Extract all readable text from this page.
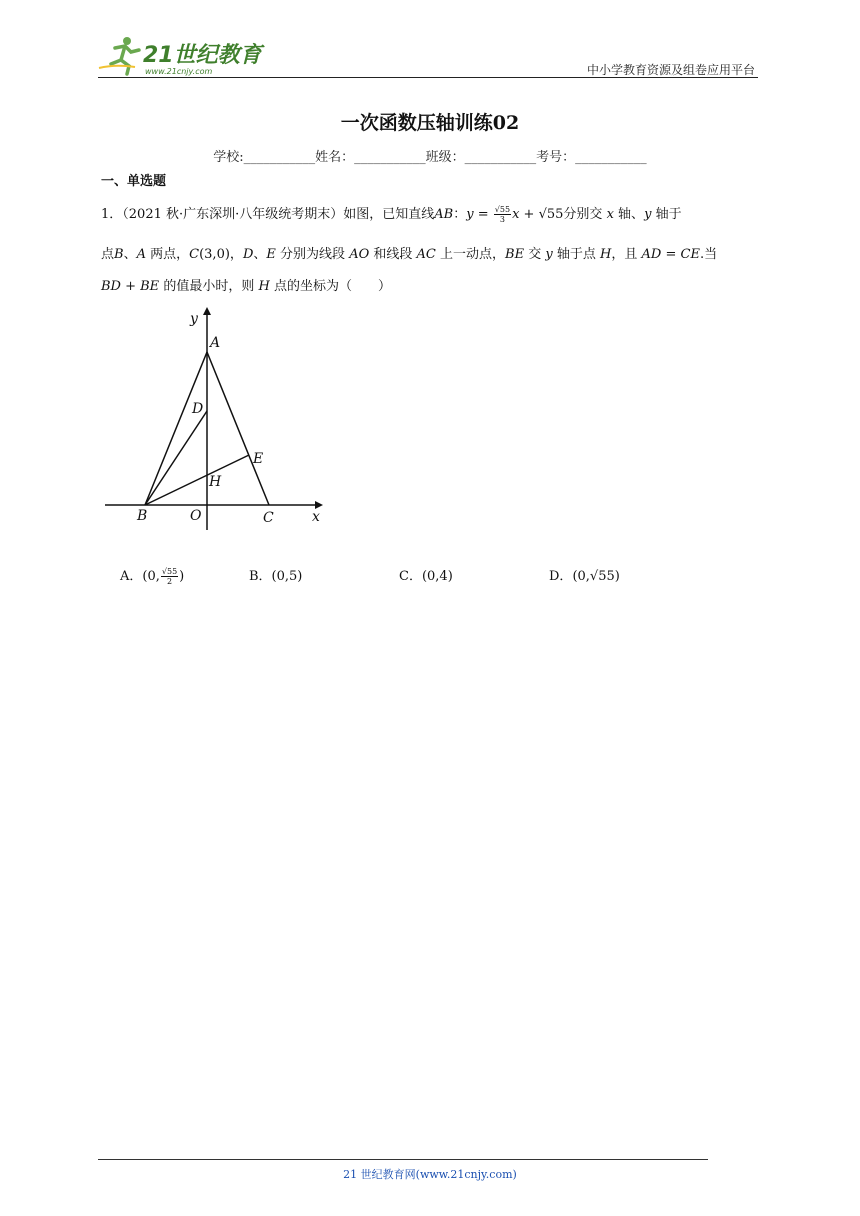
21世纪教育
www.21cnjy.com	中小学教育资源及组卷应用平台
一次函数压轴训练02
学校:___________姓名：___________班级：___________考号：___________
一、单选题
1．（2021 秋·广东深圳·八年级统考期末）如图，已知直线AB：$y = \frac{√55}{3}$ x + √55分别交 x 轴、y 轴于
点B、A 两点，C(3,0)，D、E 分别为线段 AO 和线段 AC 上一动点，BE 交 y 轴于点 H，且 AD = CE.当
BD + BE 的值最小时，则 H 点的坐标为（　　）
y
A
D
E
H
B	O	C	x
A．(0, $\frac{√55}{2}$ )	B．(0,5)	C．(0,4)	D．(0,√55)
21 世纪教育网(www.21cnjy.com)
